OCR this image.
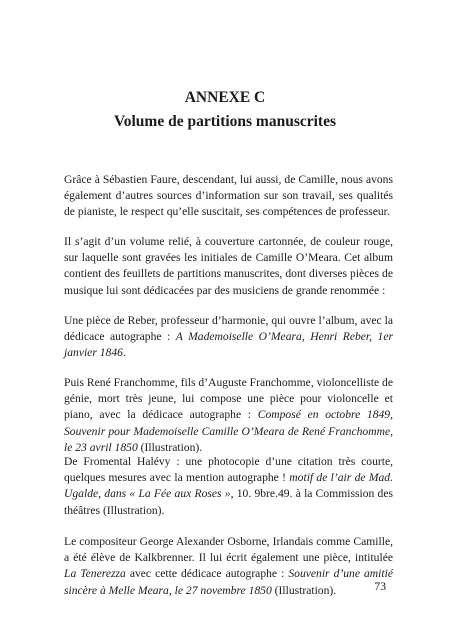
ANNEXE C
Volume de partitions manuscrites

Grâce à Sébastien Faure, descendant, lui aussi, de Camille, nous avons également d’autres sources d’information sur son travail, ses qualités de pianiste, le respect qu’elle suscitait, ses compétences de professeur.

Il s’agit d’un volume relié, à couverture cartonnée, de couleur rouge, sur laquelle sont gravées les initiales de Camille O’Meara. Cet album contient des feuillets de partitions manuscrites, dont diverses pièces de musique lui sont dédicacées par des musiciens de grande renommée :

Une pièce de Reber, professeur d’harmonie, qui ouvre l’album, avec la dédicace autographe : A Mademoiselle O’Meara, Henri Reber, 1er janvier 1846.

Puis René Franchomme, fils d’Auguste Franchomme, violoncelliste de génie, mort très jeune, lui compose une pièce pour violoncelle et piano, avec la dédicace autographe : Composé en octobre 1849, Souvenir pour Mademoiselle Camille O’Meara de René Franchomme, le 23 avril 1850 (Illustration).

De Fromental Halévy : une photocopie d’une citation très courte, quelques mesures avec la mention autographe ! motif de l’air de Mad. Ugalde, dans « La Fée aux Roses », 10. 9bre.49. à la Commission des théâtres (Illustration).

Le compositeur George Alexander Osborne, Irlandais comme Camille, a été élève de Kalkbrenner. Il lui écrit également une pièce, intitulée La Tenerezza avec cette dédicace autographe : Souvenir d’une amitié sincère à Melle Meara, le 27 novembre 1850 (Illustration).	73
